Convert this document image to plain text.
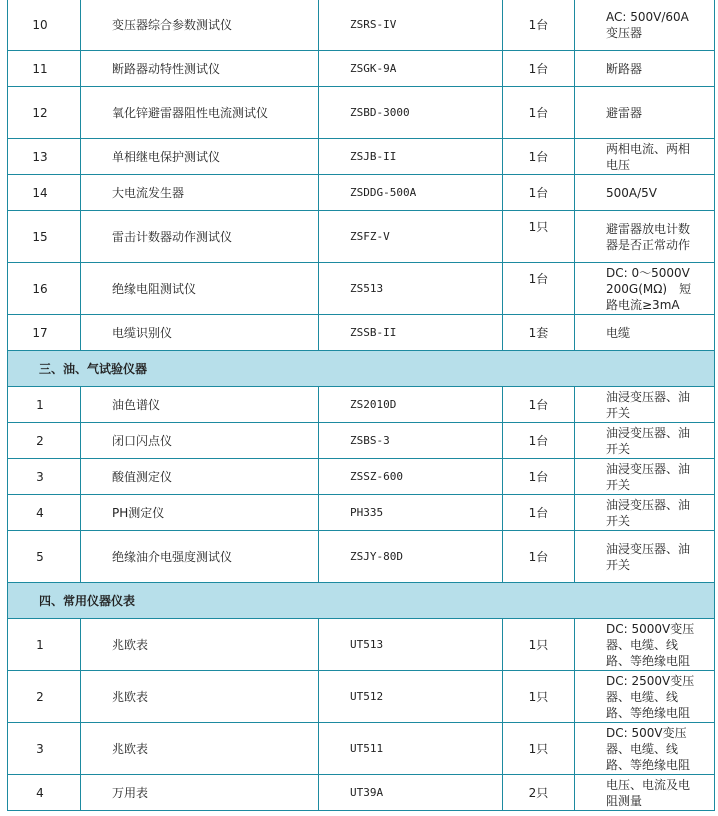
10	变压器综合参数测试仪	ZSRS-IV	1台	AC: 500V/60A　变压器
11	断路器动特性测试仪	ZSGK-9A	1台	断路器
12	氧化锌避雷器阻性电流测试仪	ZSBD-3000	1台	避雷器
13	单相继电保护测试仪	ZSJB-II	1台	两相电流、两相电压
14	大电流发生器	ZSDDG-500A	1台	500A/5V
15	雷击计数器动作测试仪	ZSFZ-V	1只	避雷器放电计数器是否正常动作
16	绝缘电阻测试仪	ZS513	1台	DC: 0～5000V 200G(MΩ)　短路电流≥3mA
17	电缆识别仪	ZSSB-II	1套	电缆
三、油、气试验仪器				
1	油色谱仪	ZS2010D	1台	油浸变压器、油开关
2	闭口闪点仪	ZSBS-3	1台	油浸变压器、油开关
3	酸值测定仪	ZSSZ-600	1台	油浸变压器、油开关
4	PH测定仪	PH335	1台	油浸变压器、油开关
5	绝缘油介电强度测试仪	ZSJY-80D	1台	油浸变压器、油开关
四、常用仪器仪表				
1	兆欧表	UT513	1只	DC: 5000V变压器、电缆、线路、等绝缘电阻
2	兆欧表	UT512	1只	DC: 2500V变压器、电缆、线路、等绝缘电阻
3	兆欧表	UT511	1只	DC: 500V变压器、电缆、线路、等绝缘电阻
4	万用表	UT39A	2只	电压、电流及电阻测量
